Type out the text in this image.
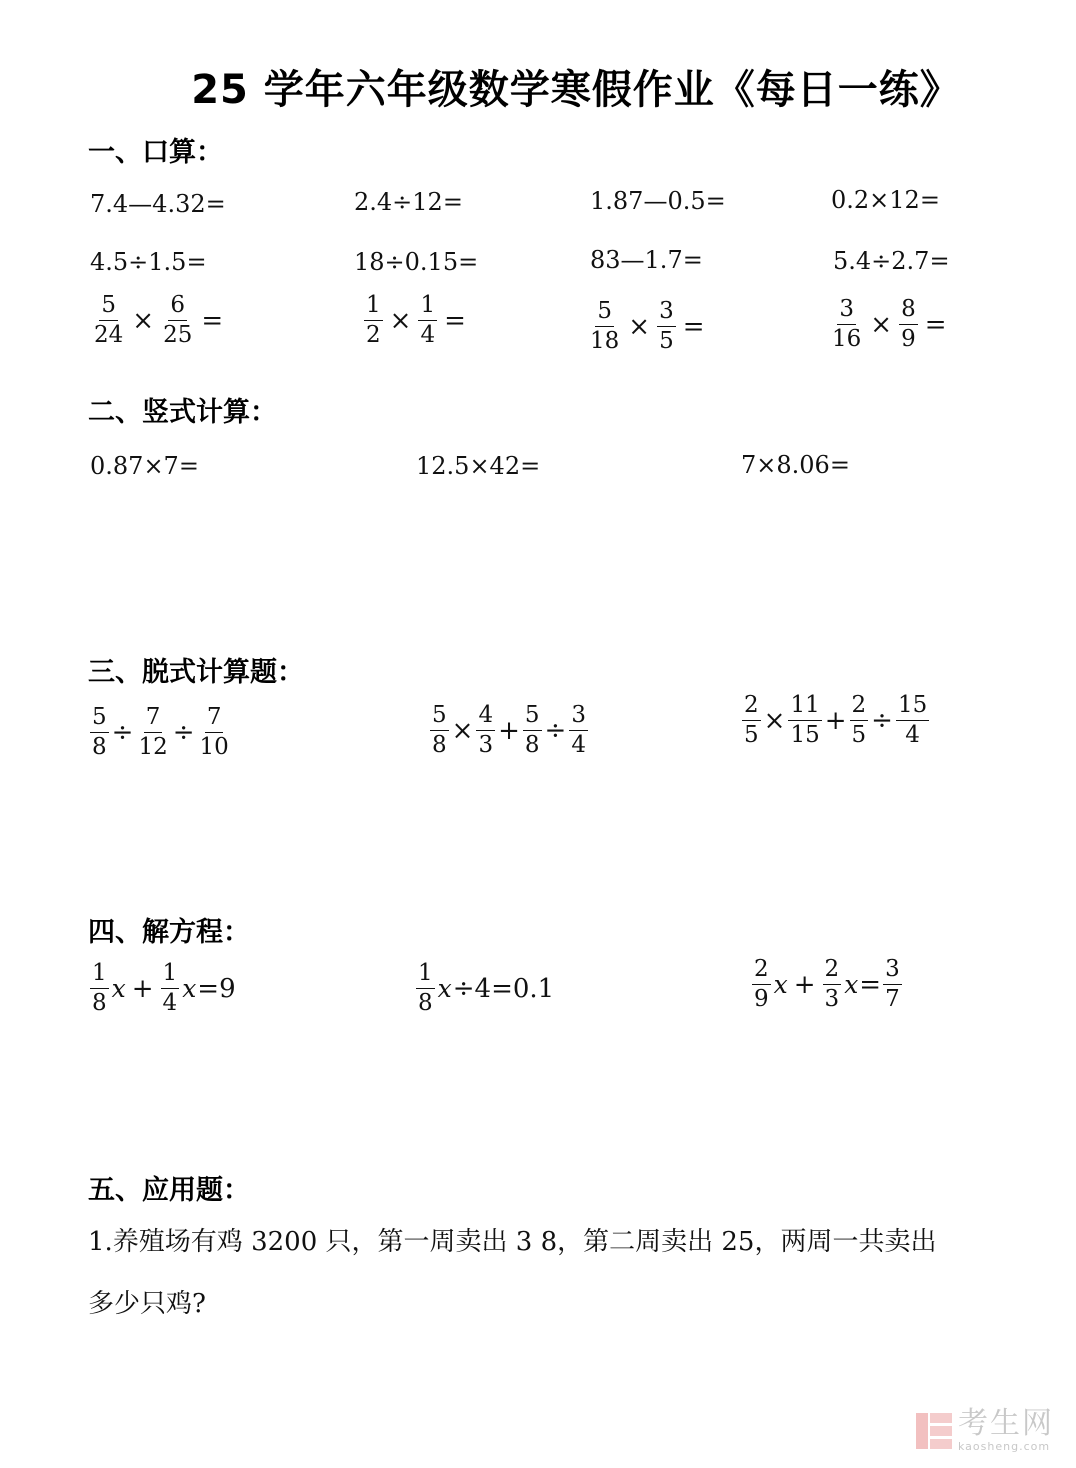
25 学年六年级数学寒假作业《每日一练》
一、口算：
7.4—4.32=	2.4÷12=	1.87—0.5=	0.2×12=
4.5÷1.5=	18÷0.15=	83—1.7=	5.4÷2.7=
$\frac{5}{24} \times \frac{6}{25}$ =	$\frac{1}{2} \times \frac{1}{4}$ =	$\frac{5}{18} \times \frac{3}{5}$ =	$\frac{3}{16} \times \frac{8}{9}$ =
二、竖式计算：
0.87×7=	12.5×42=	7×8.06=
三、脱式计算题：
$\frac{5}{8} \div \frac{7}{12} \div \frac{7}{10}$	$\frac{5}{8} \times \frac{4}{3} + \frac{5}{8} \div \frac{3}{4}$	$\frac{2}{5} \times \frac{11}{15} + \frac{2}{5} \div \frac{15}{4}$
四、解方程：
$\frac{1}{8}$ $x + \frac{1}{4}$ x =9	$\frac{1}{8}$ x ÷4=0.1	$\frac{2}{9}$ $x + \frac{2}{3}$ $x = \frac{3}{7}$
五、应用题：
1.养殖场有鸡 3200 只，第一周卖出 3 8，第二周卖出 25，两周一共卖出
多少只鸡?
考生网
kaosheng.com
